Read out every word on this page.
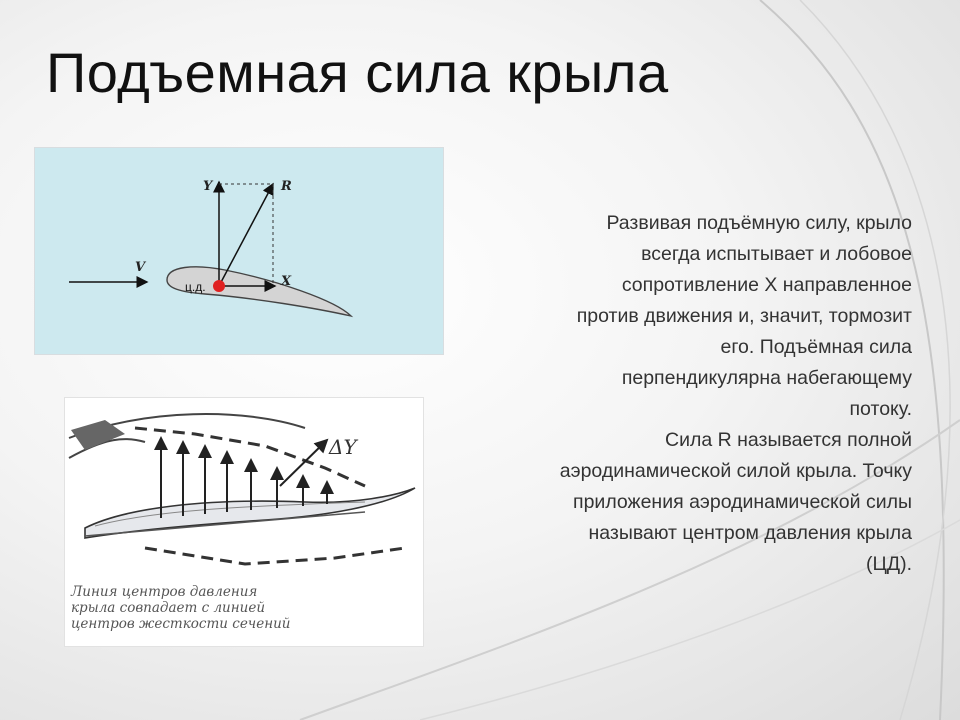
Подъемная сила крыла
Y	R
V
X
ц.д.
ΔY
Линия центров давления
крыла совпадает с линией
центров жесткости сечений
Развивая подъёмную силу, крыло
всегда испытывает и лобовое
сопротивление X направленное
против движения и, значит, тормозит
его. Подъёмная сила
перпендикулярна набегающему
потоку.
Сила R называется полной
аэродинамической силой крыла. Точку
приложения аэродинамической силы
называют центром давления крыла
(ЦД).
